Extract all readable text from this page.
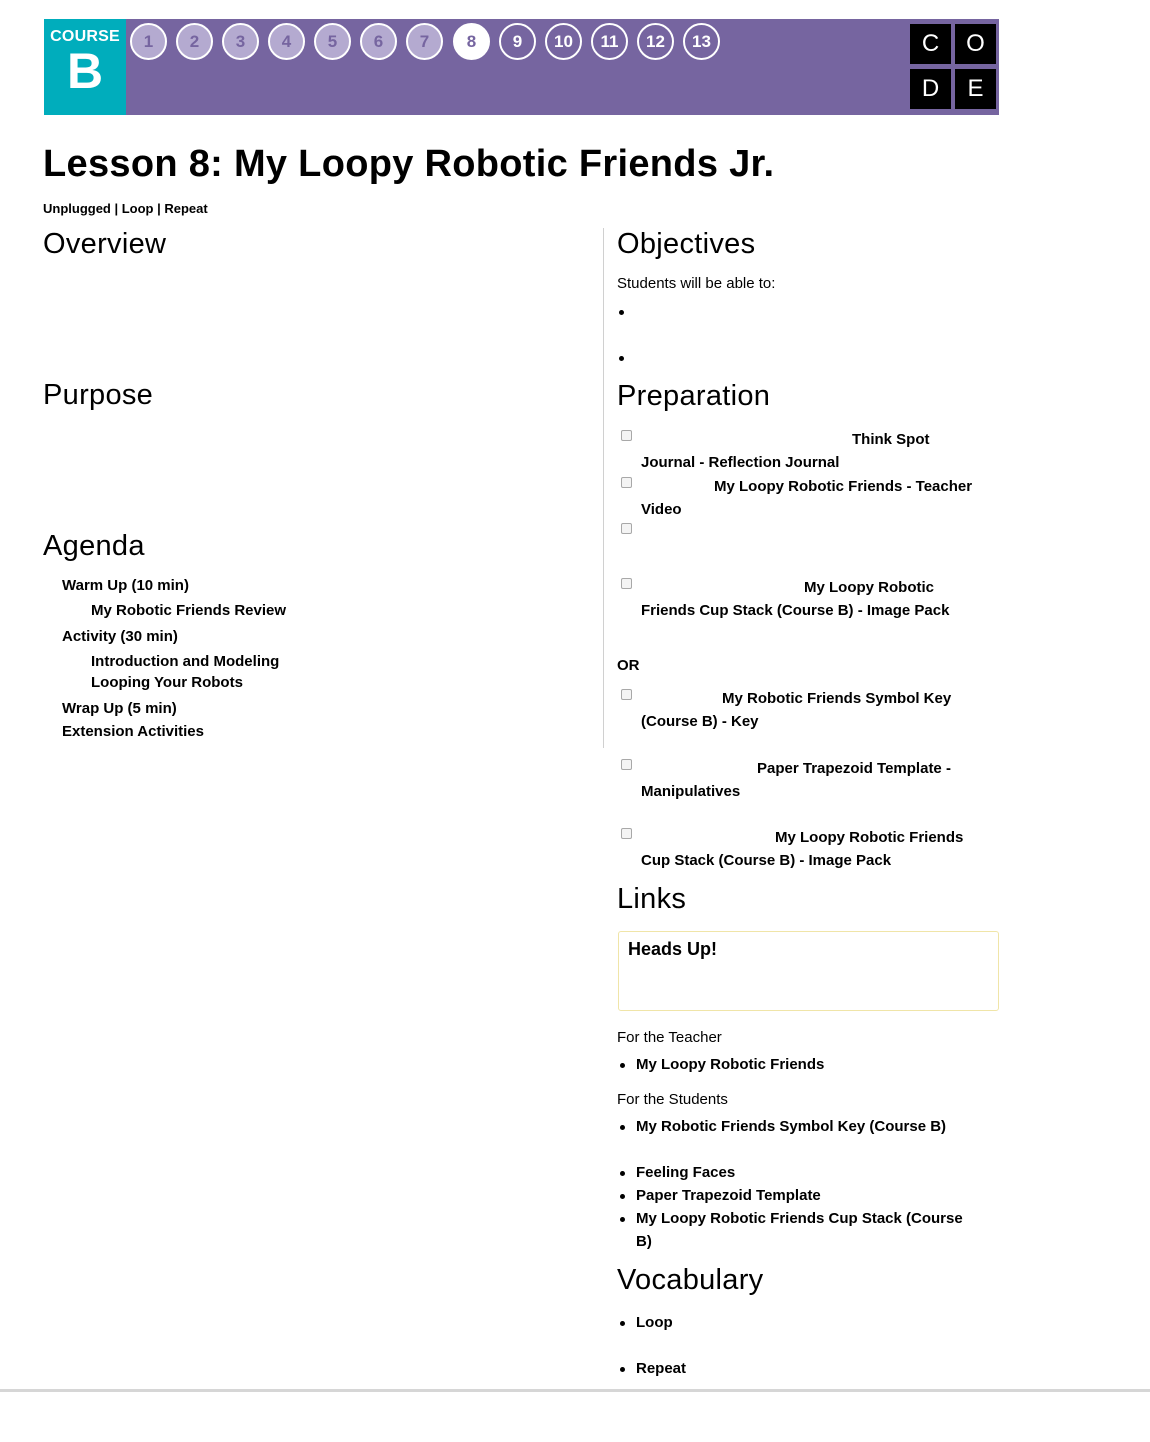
COURSE
B
1	2	3	4	5	6	7	8	9	10	11	12	13	C	O
D	E
Lesson 8: My Loopy Robotic Friends Jr.
Unplugged | Loop | Repeat
Overview
Purpose
Agenda
Warm Up (10 min)
My Robotic Friends Review
Activity (30 min)
Introduction and Modeling
Looping Your Robots
Wrap Up (5 min)
Extension Activities
Objectives
Students will be able to:
Preparation
Think Spot
Journal - Reflection Journal
My Loopy Robotic Friends - Teacher
Video
My Loopy Robotic
Friends Cup Stack (Course B) - Image Pack
OR
My Robotic Friends Symbol Key
(Course B) - Key
Paper Trapezoid Template -
Manipulatives
My Loopy Robotic Friends
Cup Stack (Course B) - Image Pack
Links
Heads Up!
For the Teacher
My Loopy Robotic Friends
For the Students
My Robotic Friends Symbol Key (Course B)
Feeling Faces
Paper Trapezoid Template
My Loopy Robotic Friends Cup Stack (Course
B)
Vocabulary
Loop
Repeat
